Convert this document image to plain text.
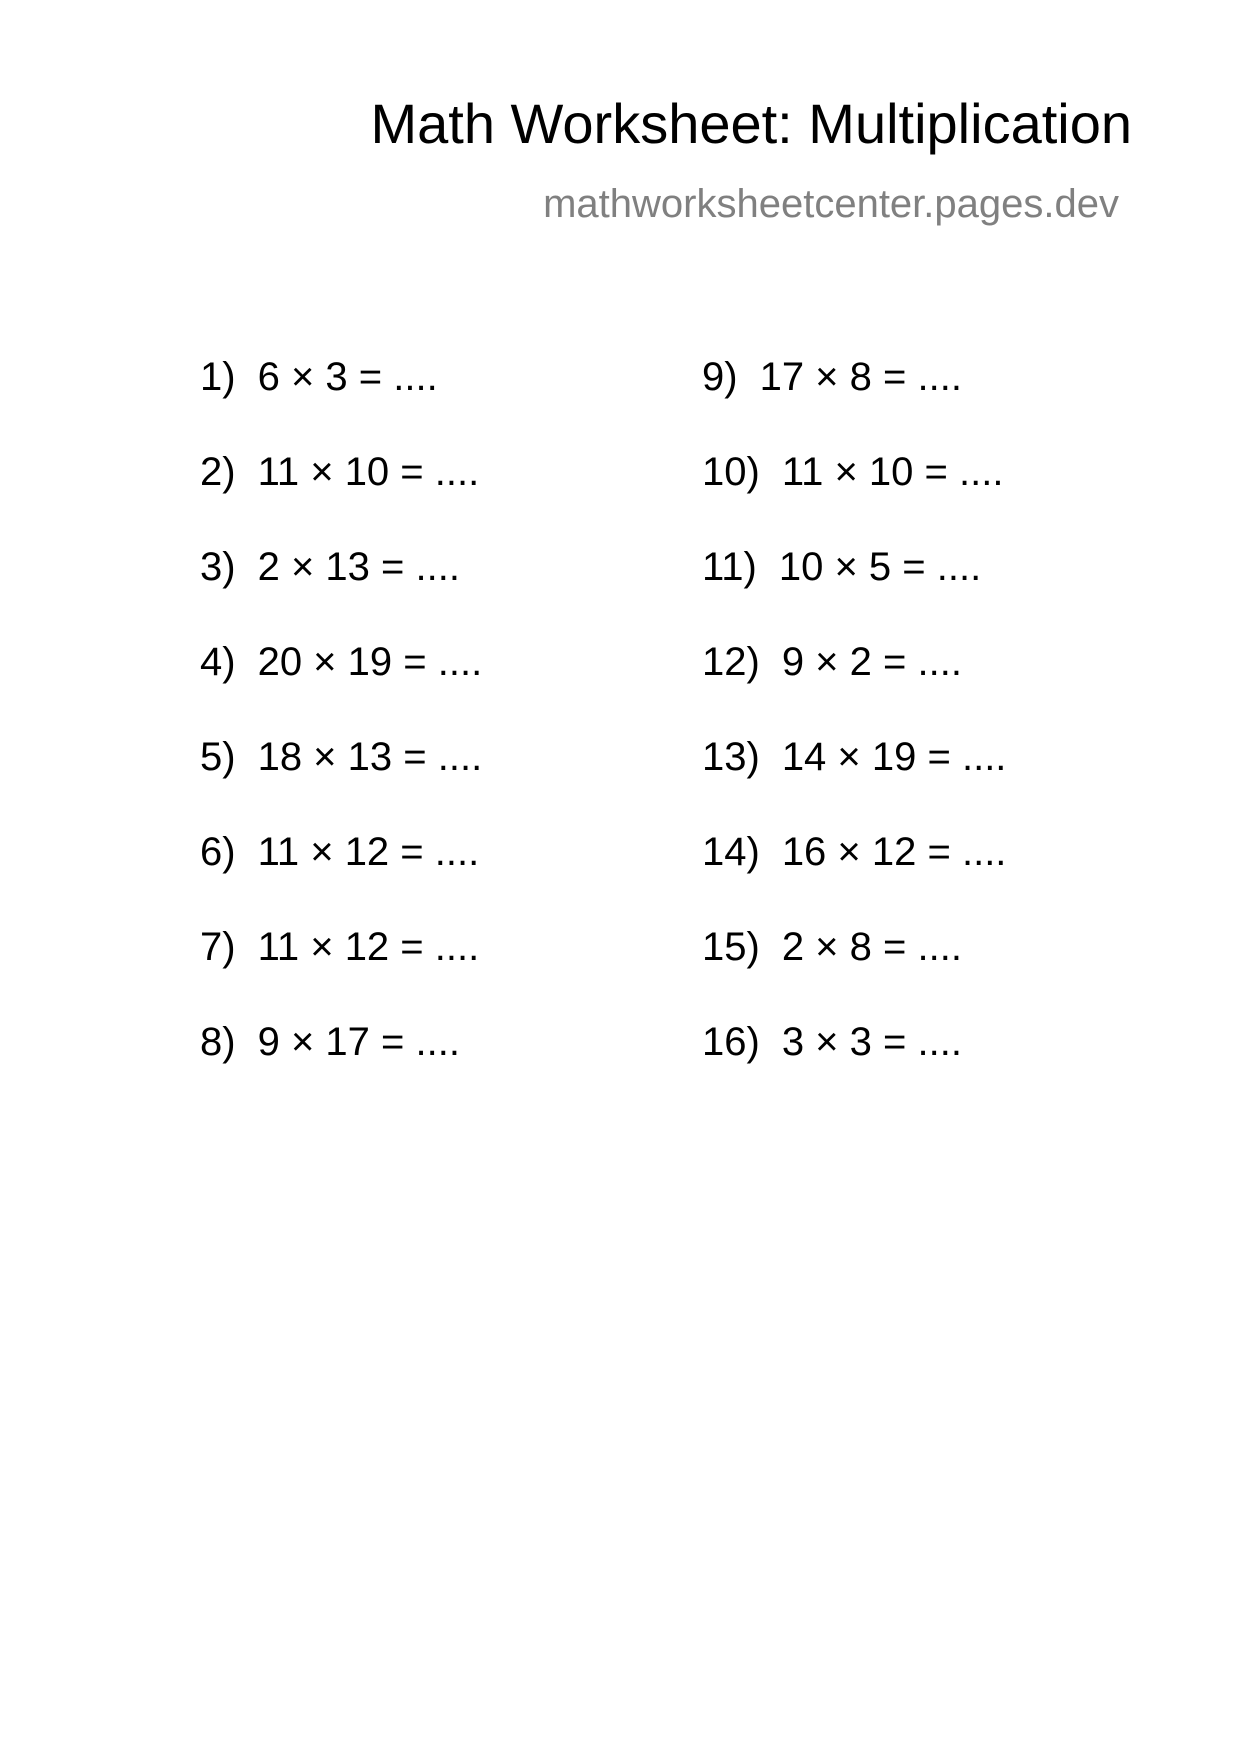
Math Worksheet: Multiplication
mathworksheetcenter.pages.dev
1) 6 × 3 = ....
2) 11 × 10 = ....
3) 2 × 13 = ....
4) 20 × 19 = ....
5) 18 × 13 = ....
6) 11 × 12 = ....
7) 11 × 12 = ....
8) 9 × 17 = ....
9) 17 × 8 = ....
10) 11 × 10 = ....
11) 10 × 5 = ....
12) 9 × 2 = ....
13) 14 × 19 = ....
14) 16 × 12 = ....
15) 2 × 8 = ....
16) 3 × 3 = ....
